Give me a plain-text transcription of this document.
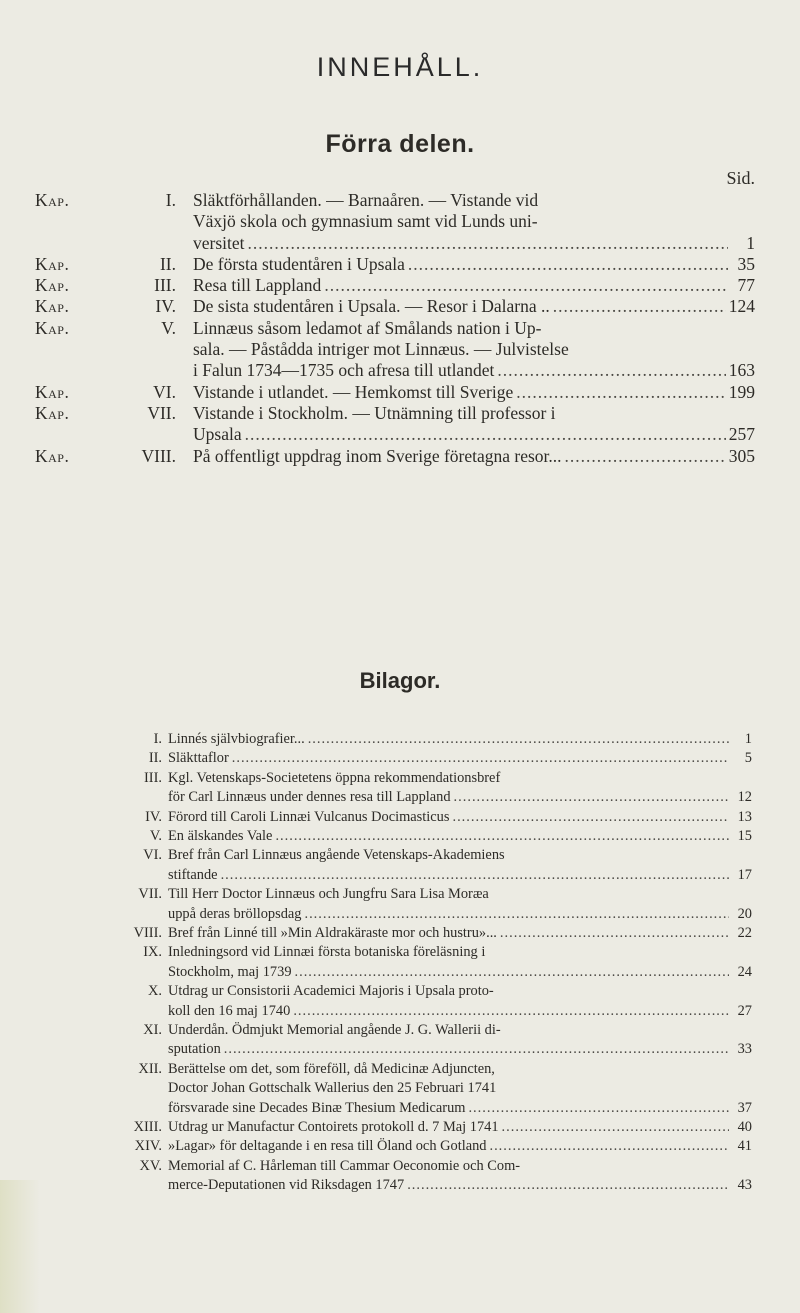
INNEHÅLL.
Förra delen.
Sid.
Kap.	I. Släktförhållanden. — Barnaåren. — Vistande vid
Växjö skola och gymnasium samt vid Lunds uni-
versitet .....	1
Kap.	II. De första studentåren i Upsala .....	35
Kap.	III. Resa till Lappland .....	77
Kap.	IV. De sista studentåren i Upsala. — Resor i Dalarna .. .....	124
Kap.	V. Linnæus såsom ledamot af Smålands nation i Up-
sala. — Påstådda intriger mot Linnæus. — Julvistelse
i Falun 1734—1735 och afresa till utlandet .....	163
Kap.	VI. Vistande i utlandet. — Hemkomst till Sverige .....	199
Kap.	VII. Vistande i Stockholm. — Utnämning till professor i
Upsala .....	257
Kap.	VIII. På offentligt uppdrag inom Sverige företagna resor... .....	305
Bilagor.
I. Linnés självbiografier... .....	1
II. Släkttaflor .....	5
III. Kgl. Vetenskaps-Societetens öppna rekommendationsbref
för Carl Linnæus under dennes resa till Lappland .....	12
IV. Förord till Caroli Linnæi Vulcanus Docimasticus .....	13
V. En älskandes Vale .....	15
VI. Bref från Carl Linnæus angående Vetenskaps-Akademiens
stiftande .....	17
VII. Till Herr Doctor Linnæus och Jungfru Sara Lisa Moræa
uppå deras bröllopsdag .....	20
VIII. Bref från Linné till »Min Aldrakäraste mor och hustru»... .....	22
IX. Inledningsord vid Linnæi första botaniska föreläsning i
Stockholm, maj 1739 .....	24
X. Utdrag ur Consistorii Academici Majoris i Upsala proto-
koll den 16 maj 1740 .....	27
XI. Underdån. Ödmjukt Memorial angående J. G. Wallerii di-
sputation .....	33
XII. Berättelse om det, som föreföll, då Medicinæ Adjuncten,
Doctor Johan Gottschalk Wallerius den 25 Februari 1741
försvarade sine Decades Binæ Thesium Medicarum .....	37
XIII. Utdrag ur Manufactur Contoirets protokoll d. 7 Maj 1741 .....	40
XIV. »Lagar» för deltagande i en resa till Öland och Gotland .....	41
XV. Memorial af C. Hårleman till Cammar Oeconomie och Com-
merce-Deputationen vid Riksdagen 1747 .....	43
